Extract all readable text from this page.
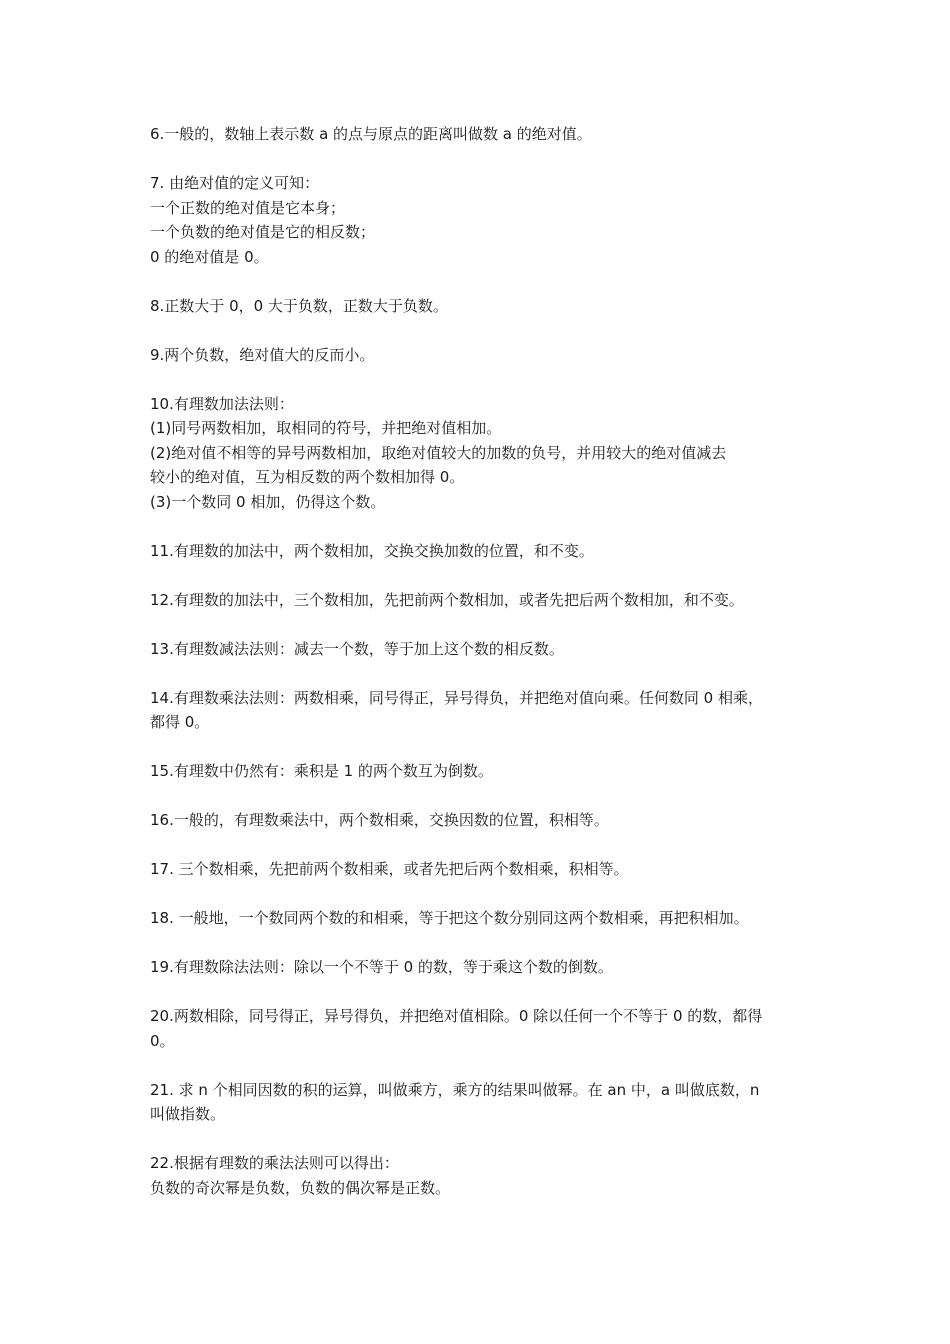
6.一般的，数轴上表示数 a 的点与原点的距离叫做数 a 的绝对值。
7. 由绝对值的定义可知：
一个正数的绝对值是它本身；
一个负数的绝对值是它的相反数；
0 的绝对值是 0。
8.正数大于 0，0 大于负数，正数大于负数。
9.两个负数，绝对值大的反而小。
10.有理数加法法则：
(1)同号两数相加，取相同的符号，并把绝对值相加。
(2)绝对值不相等的异号两数相加，取绝对值较大的加数的负号，并用较大的绝对值减去
较小的绝对值，互为相反数的两个数相加得 0。
(3)一个数同 0 相加，仍得这个数。
11.有理数的加法中，两个数相加，交换交换加数的位置，和不变。
12.有理数的加法中，三个数相加，先把前两个数相加，或者先把后两个数相加，和不变。
13.有理数减法法则：减去一个数，等于加上这个数的相反数。
14.有理数乘法法则：两数相乘，同号得正，异号得负，并把绝对值向乘。任何数同 0 相乘，
都得 0。
15.有理数中仍然有：乘积是 1 的两个数互为倒数。
16.一般的，有理数乘法中，两个数相乘，交换因数的位置，积相等。
17. 三个数相乘，先把前两个数相乘，或者先把后两个数相乘，积相等。
18. 一般地，一个数同两个数的和相乘，等于把这个数分别同这两个数相乘，再把积相加。
19.有理数除法法则：除以一个不等于 0 的数，等于乘这个数的倒数。
20.两数相除，同号得正，异号得负，并把绝对值相除。0 除以任何一个不等于 0 的数，都得
0。
21. 求 n 个相同因数的积的运算，叫做乘方，乘方的结果叫做幂。在 an 中，a 叫做底数，n
叫做指数。
22.根据有理数的乘法法则可以得出：
负数的奇次幂是负数，负数的偶次幂是正数。
